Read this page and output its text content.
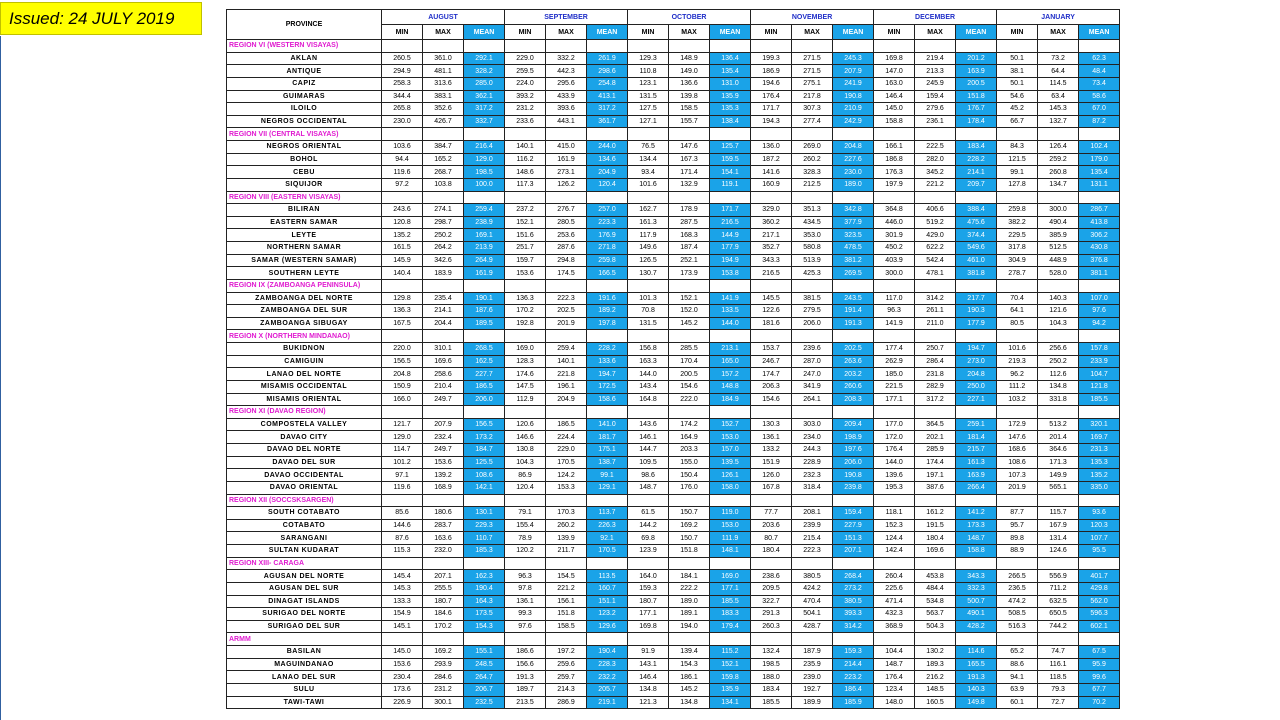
Issued: 24 JULY 2019	PROVINCE	AUGUST			SEPTEMBER			OCTOBER			NOVEMBER			DECEMBER			JANUARY		
	MIN	MAX	MEAN	MIN	MAX	MEAN	MIN	MAX	MEAN	MIN	MAX	MEAN	MIN	MAX	MEAN	MIN	MAX	MEAN
REGION VI (WESTERN VISAYAS)																		
AKLAN	260.5	361.0	292.1	229.0	332.2	261.9	129.3	148.9	136.4	199.3	271.5	245.3	169.8	219.4	201.2	50.1	73.2	62.3
ANTIQUE	294.9	481.1	328.2	259.5	442.3	298.6	110.8	149.0	135.4	186.9	271.5	207.9	147.0	213.3	163.9	38.1	64.4	48.4
CAPIZ	258.3	313.6	285.0	224.0	295.6	254.8	123.1	136.6	131.0	194.6	275.1	241.9	163.0	245.9	200.5	50.1	114.5	73.4
GUIMARAS	344.4	383.1	362.1	393.2	433.9	413.1	131.5	139.8	135.9	176.4	217.8	190.8	146.4	159.4	151.8	54.6	63.4	58.6
ILOILO	265.8	352.6	317.2	231.2	393.6	317.2	127.5	158.5	135.3	171.7	307.3	210.9	145.0	279.6	176.7	45.2	145.3	67.0
NEGROS OCCIDENTAL	230.0	426.7	332.7	233.6	443.1	361.7	127.1	155.7	138.4	194.3	277.4	242.9	158.8	236.1	178.4	66.7	132.7	87.2
REGION VII (CENTRAL VISAYAS)																		
NEGROS ORIENTAL	103.6	384.7	216.4	140.1	415.0	244.0	76.5	147.6	125.7	136.0	269.0	204.8	166.1	222.5	183.4	84.3	126.4	102.4
BOHOL	94.4	165.2	129.0	116.2	161.9	134.6	134.4	167.3	159.5	187.2	260.2	227.6	186.8	282.0	228.2	121.5	259.2	179.0
CEBU	119.6	268.7	198.5	148.6	273.1	204.9	93.4	171.4	154.1	141.6	328.3	230.0	176.3	345.2	214.1	99.1	260.8	135.4
SIQUIJOR	97.2	103.8	100.0	117.3	126.2	120.4	101.6	132.9	119.1	160.9	212.5	189.0	197.9	221.2	209.7	127.8	134.7	131.1
REGION VIII (EASTERN VISAYAS)																		
BILIRAN	243.6	274.1	259.4	237.2	276.7	257.0	162.7	178.9	171.7	329.0	351.3	342.8	364.8	406.6	388.4	259.8	300.0	286.7
EASTERN SAMAR	120.8	298.7	238.9	152.1	280.5	223.3	161.3	287.5	216.5	360.2	434.5	377.9	446.0	519.2	475.6	382.2	490.4	413.8
LEYTE	135.2	250.2	169.1	151.6	253.6	176.9	117.9	168.3	144.9	217.1	353.0	323.5	301.9	429.0	374.4	229.5	385.9	306.2
NORTHERN SAMAR	161.5	264.2	213.9	251.7	287.6	271.8	149.6	187.4	177.9	352.7	580.8	478.5	450.2	622.2	549.6	317.8	512.5	430.8
SAMAR (WESTERN SAMAR)	145.9	342.6	264.9	159.7	294.8	259.8	126.5	252.1	194.9	343.3	513.9	381.2	403.9	542.4	461.0	304.9	448.9	376.8
SOUTHERN LEYTE	140.4	183.9	161.9	153.6	174.5	166.5	130.7	173.9	153.8	216.5	425.3	269.5	300.0	478.1	381.8	278.7	528.0	381.1
REGION IX (ZAMBOANGA PENINSULA)																		
ZAMBOANGA DEL NORTE	129.8	235.4	190.1	136.3	222.3	191.6	101.3	152.1	141.9	145.5	381.5	243.5	117.0	314.2	217.7	70.4	140.3	107.0
ZAMBOANGA DEL SUR	136.3	214.1	187.6	170.2	202.5	189.2	70.8	152.0	133.5	122.6	279.5	191.4	96.3	261.1	190.3	64.1	121.6	97.6
ZAMBOANGA SIBUGAY	167.5	204.4	189.5	192.8	201.9	197.8	131.5	145.2	144.0	181.6	206.0	191.3	141.9	211.0	177.9	80.5	104.3	94.2
REGION X (NORTHERN MINDANAO)																		
BUKIDNON	220.0	310.1	268.5	169.0	259.4	228.2	156.8	285.5	213.1	153.7	239.6	202.5	177.4	250.7	194.7	101.6	256.6	157.8
CAMIGUIN	156.5	169.6	162.5	128.3	140.1	133.6	163.3	170.4	165.0	246.7	287.0	263.6	262.9	286.4	273.0	219.3	250.2	233.9
LANAO DEL NORTE	204.8	258.6	227.7	174.6	221.8	194.7	144.0	200.5	157.2	174.7	247.0	203.2	185.0	231.8	204.8	96.2	112.6	104.7
MISAMIS OCCIDENTAL	150.9	210.4	186.5	147.5	196.1	172.5	143.4	154.6	148.8	206.3	341.9	260.6	221.5	282.9	250.0	111.2	134.8	121.8
MISAMIS ORIENTAL	166.0	249.7	206.0	112.9	204.9	158.6	164.8	222.0	184.9	154.6	264.1	208.3	177.1	317.2	227.1	103.2	331.8	185.5
REGION XI (DAVAO REGION)																		
COMPOSTELA VALLEY	121.7	207.9	156.5	120.6	186.5	141.0	143.6	174.2	152.7	130.3	303.0	209.4	177.0	364.5	259.1	172.9	513.2	320.1
DAVAO CITY	129.0	232.4	173.2	146.6	224.4	181.7	146.1	164.9	153.0	136.1	234.0	198.9	172.0	202.1	181.4	147.6	201.4	169.7
DAVAO DEL NORTE	114.7	249.7	184.7	130.8	229.0	175.1	144.7	203.3	157.0	133.2	244.3	197.6	176.4	285.9	215.7	168.6	364.6	231.3
DAVAO DEL SUR	101.2	153.6	125.5	104.3	170.5	138.7	109.5	155.0	139.5	151.9	228.9	206.0	144.0	174.4	161.3	108.6	171.3	135.3
DAVAO OCCIDENTAL	97.1	139.2	108.6	86.9	124.2	99.1	98.6	150.4	126.1	126.0	232.3	190.8	139.6	197.1	163.9	107.3	149.9	135.2
DAVAO ORIENTAL	119.6	168.9	142.1	120.4	153.3	129.1	148.7	176.0	158.0	167.8	318.4	239.8	195.3	387.6	266.4	201.9	565.1	335.0
REGION XII (SOCCSKSARGEN)																		
SOUTH COTABATO	85.6	180.6	130.1	79.1	170.3	113.7	61.5	150.7	119.0	77.7	208.1	159.4	118.1	161.2	141.2	87.7	115.7	93.6
COTABATO	144.6	283.7	229.3	155.4	260.2	226.3	144.2	169.2	153.0	203.6	239.9	227.9	152.3	191.5	173.3	95.7	167.9	120.3
SARANGANI	87.6	163.6	110.7	78.9	139.9	92.1	69.8	150.7	111.9	80.7	215.4	151.3	124.4	180.4	148.7	89.8	131.4	107.7
SULTAN KUDARAT	115.3	232.0	185.3	120.2	211.7	170.5	123.9	151.8	148.1	180.4	222.3	207.1	142.4	169.6	158.8	88.9	124.6	95.5
REGION XIII- CARAGA																		
AGUSAN DEL NORTE	145.4	207.1	162.3	96.3	154.5	113.5	164.0	184.1	169.0	238.6	380.5	268.4	260.4	453.8	343.3	266.5	556.9	401.7
AGUSAN DEL SUR	145.3	255.5	190.4	97.8	221.2	160.7	159.3	222.2	177.1	209.5	424.2	273.2	225.6	484.4	332.3	236.5	711.2	429.8
DINAGAT ISLANDS	133.3	180.7	164.3	136.1	156.1	151.1	180.7	189.0	185.5	322.7	470.4	380.5	471.4	534.8	500.7	474.2	632.5	562.0
SURIGAO DEL NORTE	154.9	184.6	173.5	99.3	151.8	123.2	177.1	189.1	183.3	291.3	504.1	393.3	432.3	563.7	490.1	508.5	650.5	596.3
SURIGAO DEL SUR	145.1	170.2	154.3	97.6	158.5	129.6	169.8	194.0	179.4	260.3	428.7	314.2	368.9	504.3	428.2	516.3	744.2	602.1
ARMM																		
BASILAN	145.0	169.2	155.1	186.6	197.2	190.4	91.9	139.4	115.2	132.4	187.9	159.3	104.4	130.2	114.6	65.2	74.7	67.5
MAGUINDANAO	153.6	293.9	248.5	156.6	259.6	228.3	143.1	154.3	152.1	198.5	235.9	214.4	148.7	189.3	165.5	88.6	116.1	95.9
LANAO DEL SUR	230.4	284.6	264.7	191.3	259.7	232.2	146.4	186.1	159.8	188.0	239.0	223.2	176.4	216.2	191.3	94.1	118.5	99.6
SULU	173.6	231.2	206.7	189.7	214.3	205.7	134.8	145.2	135.9	183.4	192.7	186.4	123.4	148.5	140.3	63.9	79.3	67.7
TAWI-TAWI	226.9	300.1	232.5	213.5	286.9	219.1	121.3	134.8	134.1	185.5	189.9	185.9	148.0	160.5	149.8	60.1	72.7	70.2
